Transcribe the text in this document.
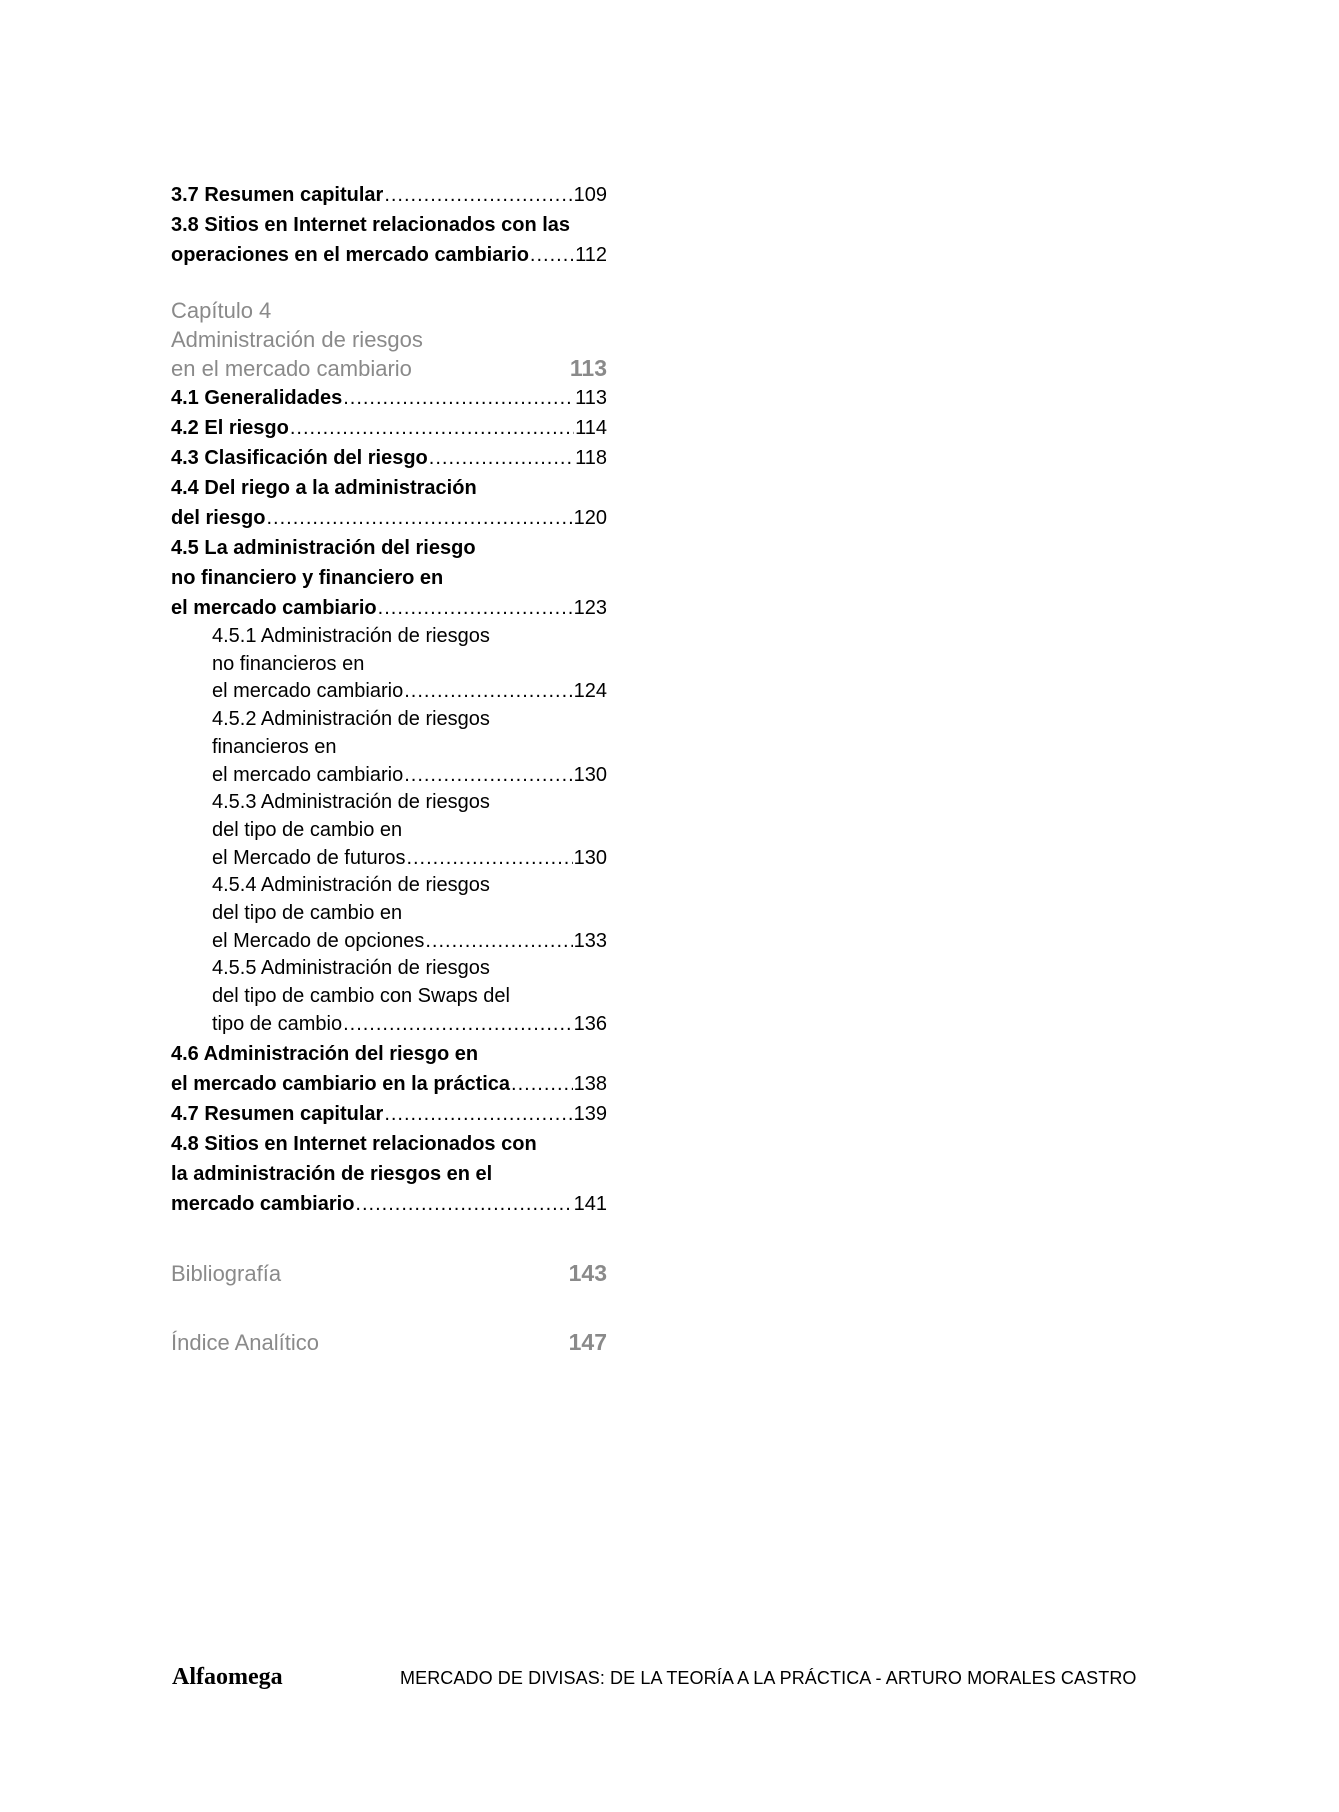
3.7 Resumen capitular .....	109
3.8 Sitios en Internet relacionados con las
operaciones en el mercado cambiario ..... 112
Capítulo 4
Administración de riesgos
en el mercado cambiario	113
4.1 Generalidades .....	113
4.2 El riesgo .....	114
4.3 Clasificación del riesgo .....	118
4.4 Del riego a la administración
del riesgo .....	120
4.5 La administración del riesgo
no financiero y financiero en
el mercado cambiario .....	123
4.5.1 Administración de riesgos
no financieros en
el mercado cambiario .....	124
4.5.2 Administración de riesgos
financieros en
el mercado cambiario .....	130
4.5.3 Administración de riesgos
del tipo de cambio en
el Mercado de futuros .....	130
4.5.4 Administración de riesgos
del tipo de cambio en
el Mercado de opciones .....	133
4.5.5 Administración de riesgos
del tipo de cambio con Swaps del
tipo de cambio .....	136
4.6 Administración del riesgo en
el mercado cambiario en la práctica .....	138
4.7 Resumen capitular .....	139
4.8 Sitios en Internet relacionados con
la administración de riesgos en el
mercado cambiario .....	141
Bibliografía	143
Índice Analítico	147
Alfaomega	MERCADO DE DIVISAS: DE LA TEORÍA A LA PRÁCTICA - ARTURO MORALES CASTRO
